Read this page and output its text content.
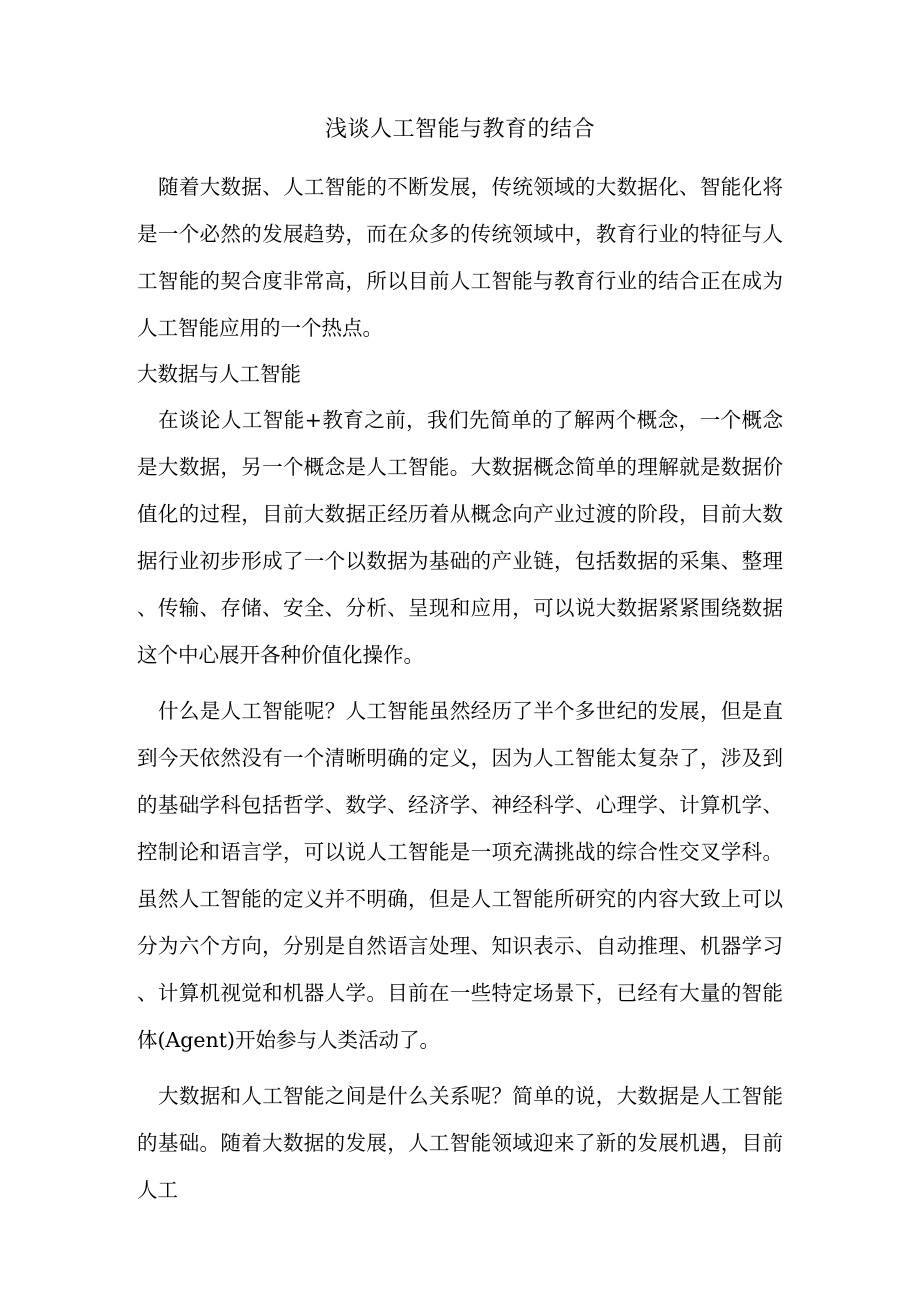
浅谈人工智能与教育的结合

随着大数据、人工智能的不断发展，传统领域的大数据化、智能化将是一个必然的发展趋势，而在众多的传统领域中，教育行业的特征与人工智能的契合度非常高，所以目前人工智能与教育行业的结合正在成为人工智能应用的一个热点。

大数据与人工智能

在谈论人工智能+教育之前，我们先简单的了解两个概念，一个概念是大数据，另一个概念是人工智能。大数据概念简单的理解就是数据价值化的过程，目前大数据正经历着从概念向产业过渡的阶段，目前大数据行业初步形成了一个以数据为基础的产业链，包括数据的采集、整理、传输、存储、安全、分析、呈现和应用，可以说大数据紧紧围绕数据这个中心展开各种价值化操作。

什么是人工智能呢？人工智能虽然经历了半个多世纪的发展，但是直到今天依然没有一个清晰明确的定义，因为人工智能太复杂了，涉及到的基础学科包括哲学、数学、经济学、神经科学、心理学、计算机学、控制论和语言学，可以说人工智能是一项充满挑战的综合性交叉学科。虽然人工智能的定义并不明确，但是人工智能所研究的内容大致上可以分为六个方向，分别是自然语言处理、知识表示、自动推理、机器学习、计算机视觉和机器人学。目前在一些特定场景下，已经有大量的智能体(Agent)开始参与人类活动了。

大数据和人工智能之间是什么关系呢？简单的说，大数据是人工智能的基础。随着大数据的发展，人工智能领域迎来了新的发展机遇，目前人工
